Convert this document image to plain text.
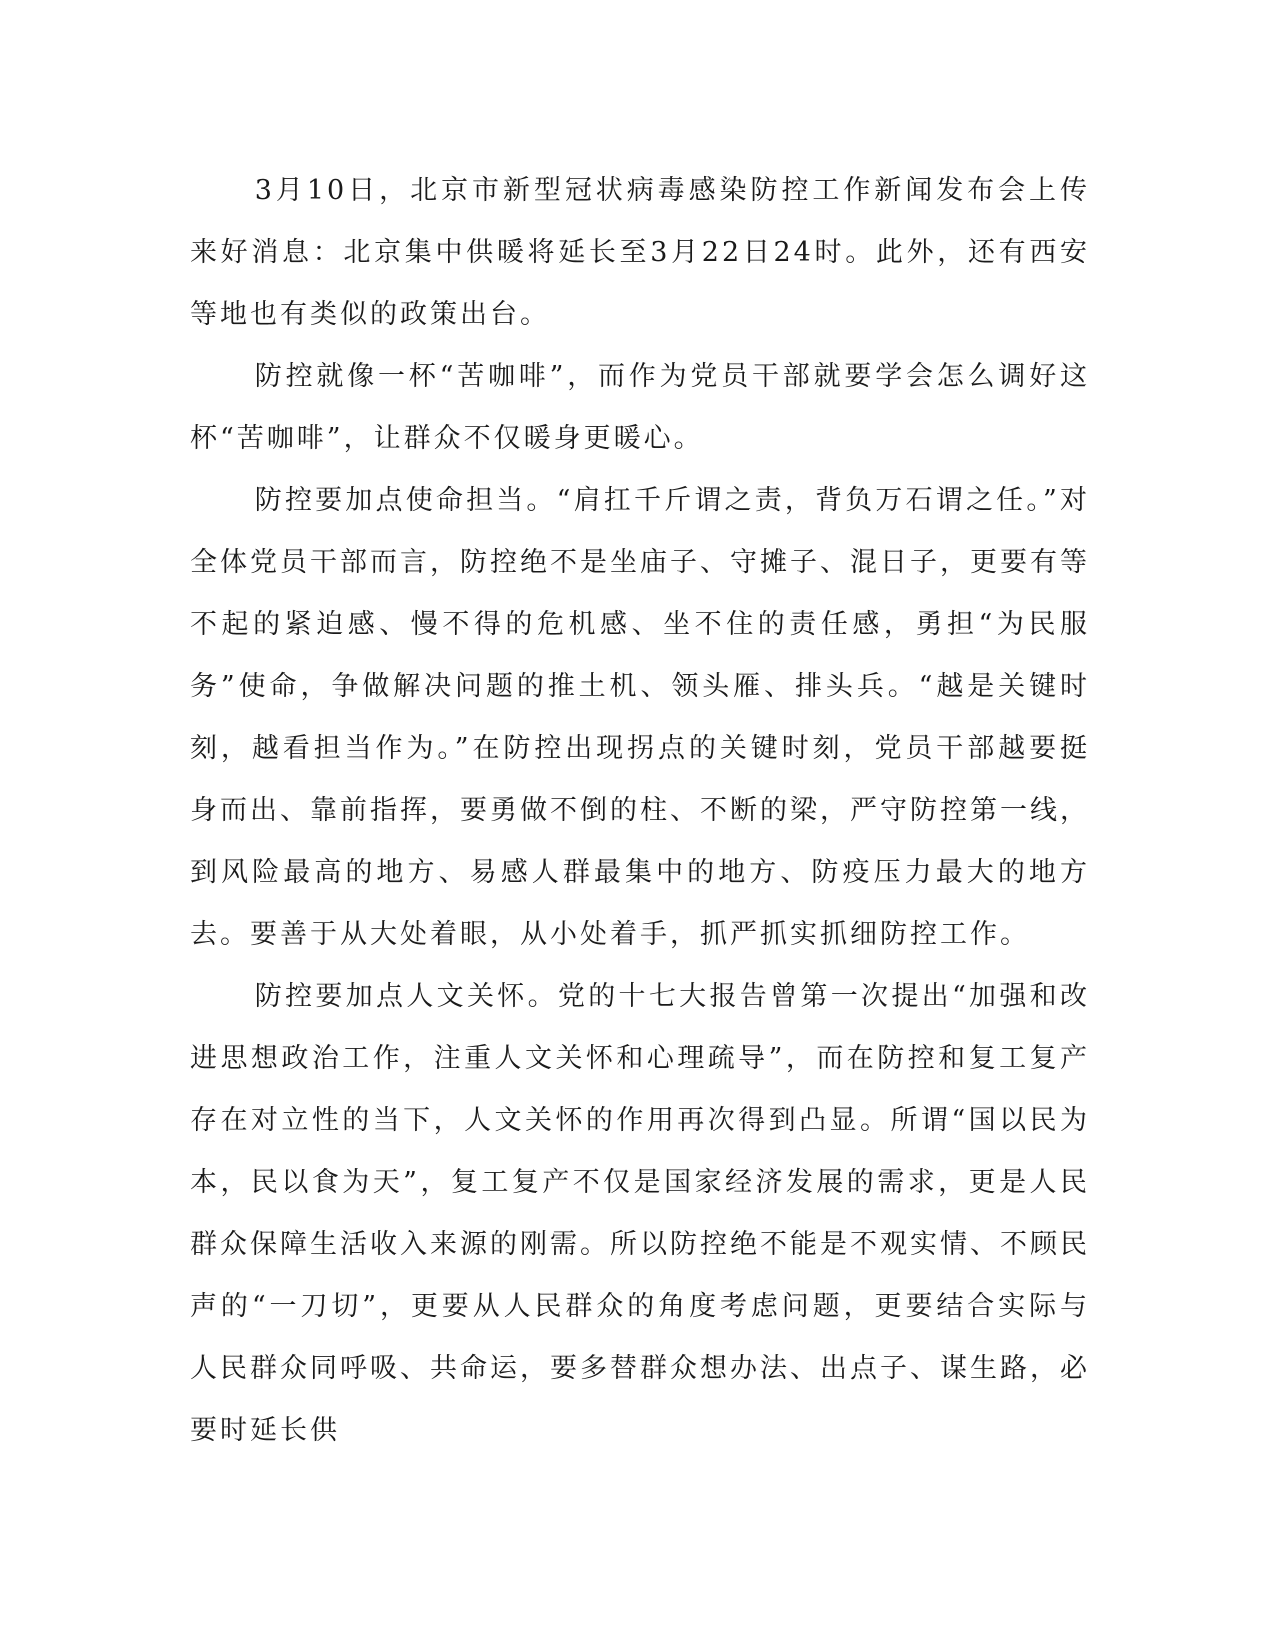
3月10日，北京市新型冠状病毒感染防控工作新闻发布会上传来好消息：北京集中供暖将延长至3月22日24时。此外，还有西安等地也有类似的政策出台。

防控就像一杯“苦咖啡”，而作为党员干部就要学会怎么调好这杯“苦咖啡”，让群众不仅暖身更暖心。

防控要加点使命担当。“肩扛千斤谓之责，背负万石谓之任。”对全体党员干部而言，防控绝不是坐庙子、守摊子、混日子，更要有等不起的紧迫感、慢不得的危机感、坐不住的责任感，勇担“为民服务”使命，争做解决问题的推土机、领头雁、排头兵。“越是关键时刻，越看担当作为。”在防控出现拐点的关键时刻，党员干部越要挺身而出、靠前指挥，要勇做不倒的柱、不断的梁，严守防控第一线，到风险最高的地方、易感人群最集中的地方、防疫压力最大的地方去。要善于从大处着眼，从小处着手，抓严抓实抓细防控工作。

防控要加点人文关怀。党的十七大报告曾第一次提出“加强和改进思想政治工作，注重人文关怀和心理疏导”，而在防控和复工复产存在对立性的当下，人文关怀的作用再次得到凸显。所谓“国以民为本，民以食为天”，复工复产不仅是国家经济发展的需求，更是人民群众保障生活收入来源的刚需。所以防控绝不能是不观实情、不顾民声的“一刀切”，更要从人民群众的角度考虑问题，更要结合实际与人民群众同呼吸、共命运，要多替群众想办法、出点子、谋生路，必要时延长供
